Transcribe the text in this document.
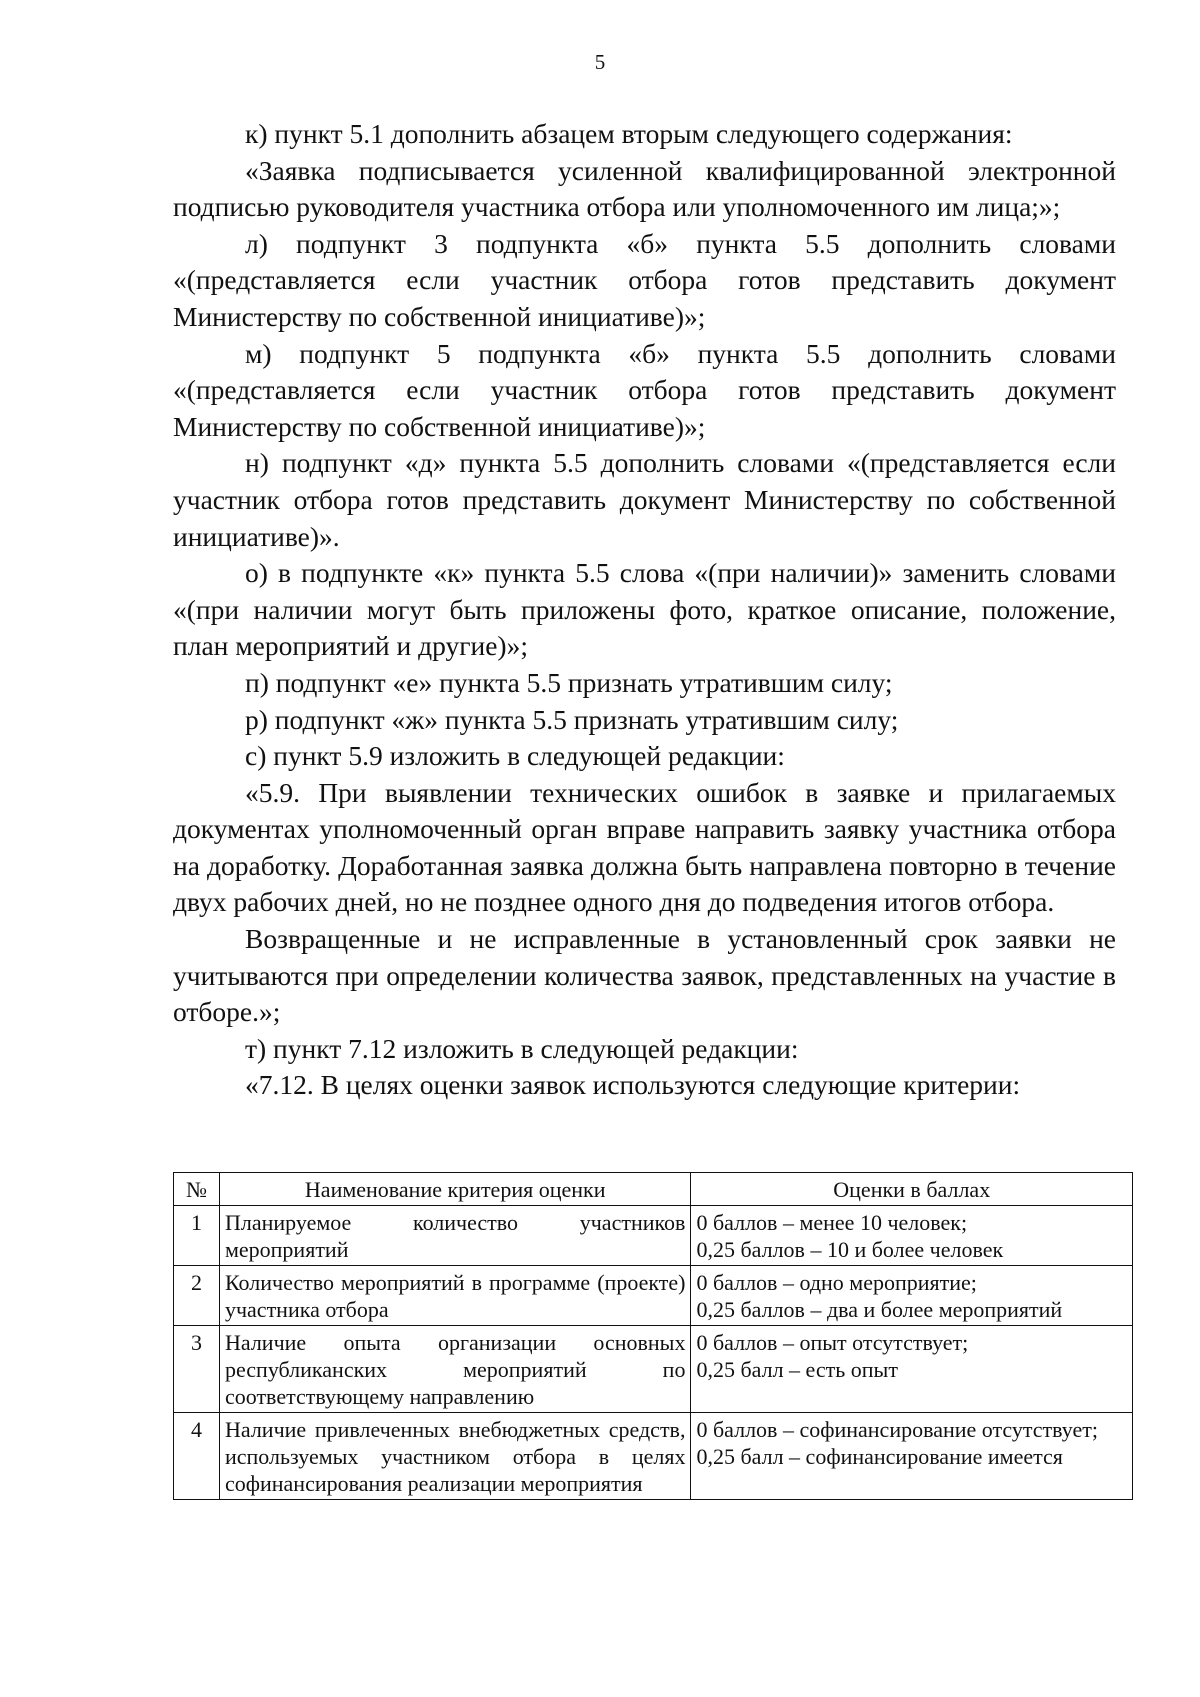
5

к) пункт 5.1 дополнить абзацем вторым следующего содержания:

«Заявка подписывается усиленной квалифицированной электронной подписью руководителя участника отбора или уполномоченного им лица;»;

л) подпункт 3 подпункта «б» пункта 5.5 дополнить словами «(представляется если участник отбора готов представить документ Министерству по собственной инициативе)»;

м) подпункт 5 подпункта «б» пункта 5.5 дополнить словами «(представляется если участник отбора готов представить документ Министерству по собственной инициативе)»;

н) подпункт «д» пункта 5.5 дополнить словами «(представляется если участник отбора готов представить документ Министерству по собственной инициативе)».

о) в подпункте «к» пункта 5.5 слова «(при наличии)» заменить словами «(при наличии могут быть приложены фото, краткое описание, положение, план мероприятий и другие)»;

п) подпункт «е» пункта 5.5 признать утратившим силу;

р) подпункт «ж» пункта 5.5 признать утратившим силу;

с) пункт 5.9 изложить в следующей редакции:

«5.9. При выявлении технических ошибок в заявке и прилагаемых документах уполномоченный орган вправе направить заявку участника отбора на доработку. Доработанная заявка должна быть направлена повторно в течение двух рабочих дней, но не позднее одного дня до подведения итогов отбора.

Возвращенные и не исправленные в установленный срок заявки не учитываются при определении количества заявок, представленных на участие в отборе.»;

т) пункт 7.12 изложить в следующей редакции:

«7.12. В целях оценки заявок используются следующие критерии:

№	Наименование критерия оценки	Оценки в баллах
1	Планируемое количество участников мероприятий	0 баллов – менее 10 человек;
0,25 баллов – 10 и более человек

2	Количество мероприятий в программе (проекте) участника отбора	0 баллов – одно мероприятие;
0,25 баллов – два и более мероприятий

3	Наличие опыта организации основных республиканских мероприятий по соответствующему направлению	0 баллов – опыт отсутствует;
0,25 балл – есть опыт

4	Наличие привлеченных внебюджетных средств, используемых участником отбора в целях софинансирования реализации мероприятия	0 баллов – софинансирование отсутствует;
0,25 балл – софинансирование имеется
